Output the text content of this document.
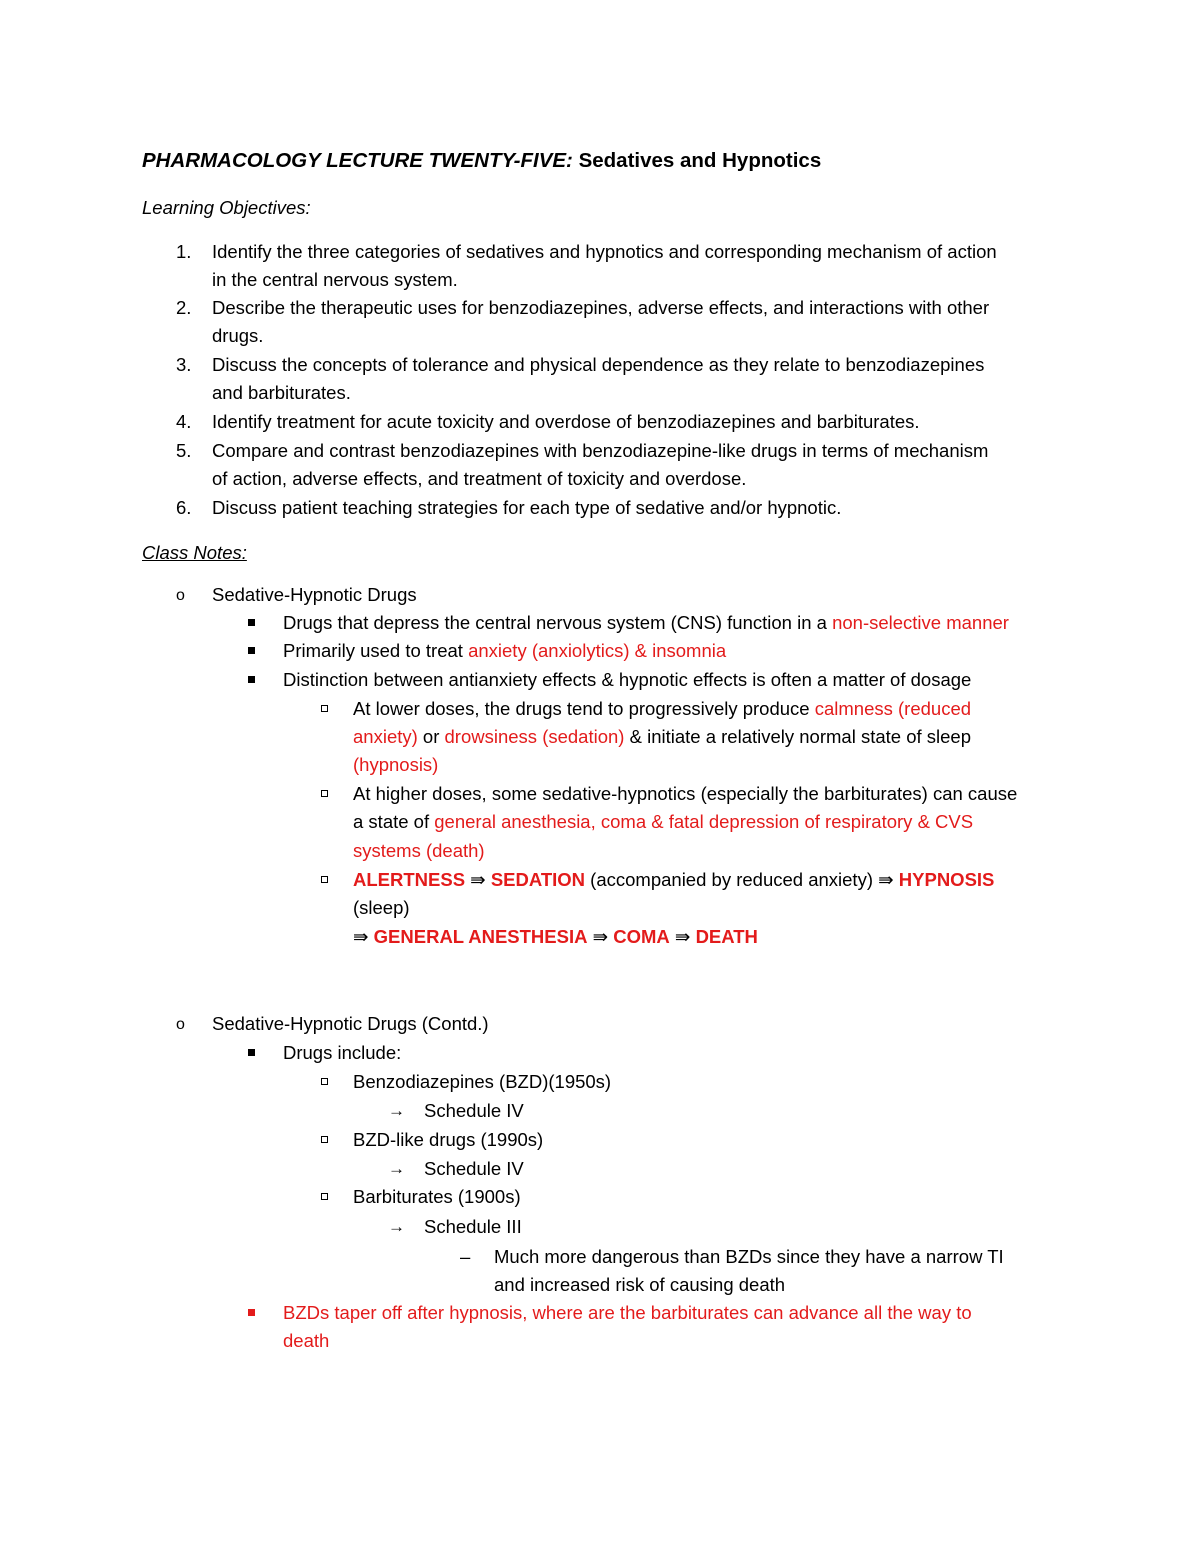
PHARMACOLOGY LECTURE TWENTY-FIVE: Sedatives and Hypnotics
Learning Objectives:
1. Identify the three categories of sedatives and hypnotics and corresponding mechanism of action
in the central nervous system.
2. Describe the therapeutic uses for benzodiazepines, adverse effects, and interactions with other
drugs.
3. Discuss the concepts of tolerance and physical dependence as they relate to benzodiazepines
and barbiturates.
4. Identify treatment for acute toxicity and overdose of benzodiazepines and barbiturates.
5. Compare and contrast benzodiazepines with benzodiazepine-like drugs in terms of mechanism
of action, adverse effects, and treatment of toxicity and overdose.
6. Discuss patient teaching strategies for each type of sedative and/or hypnotic.
Class Notes:
o Sedative-Hypnotic Drugs
Drugs that depress the central nervous system (CNS) function in a non-selective manner
Primarily used to treat anxiety (anxiolytics) & insomnia
Distinction between antianxiety effects & hypnotic effects is often a matter of dosage
At lower doses, the drugs tend to progressively produce calmness (reduced
anxiety) or drowsiness (sedation) & initiate a relatively normal state of sleep
(hypnosis)
At higher doses, some sedative-hypnotics (especially the barbiturates) can cause
a state of general anesthesia, coma & fatal depression of respiratory & CVS
systems (death)
ALERTNESS ⇛ SEDATION (accompanied by reduced anxiety) ⇛ HYPNOSIS
(sleep)
⇛ GENERAL ANESTHESIA ⇛ COMA ⇛ DEATH
o Sedative-Hypnotic Drugs (Contd.)
Drugs include:
Benzodiazepines (BZD)(1950s)
→ Schedule IV
BZD-like drugs (1990s)
→ Schedule IV
Barbiturates (1900s)
→ Schedule III
– Much more dangerous than BZDs since they have a narrow TI
and increased risk of causing death
BZDs taper off after hypnosis, where are the barbiturates can advance all the way to
death
